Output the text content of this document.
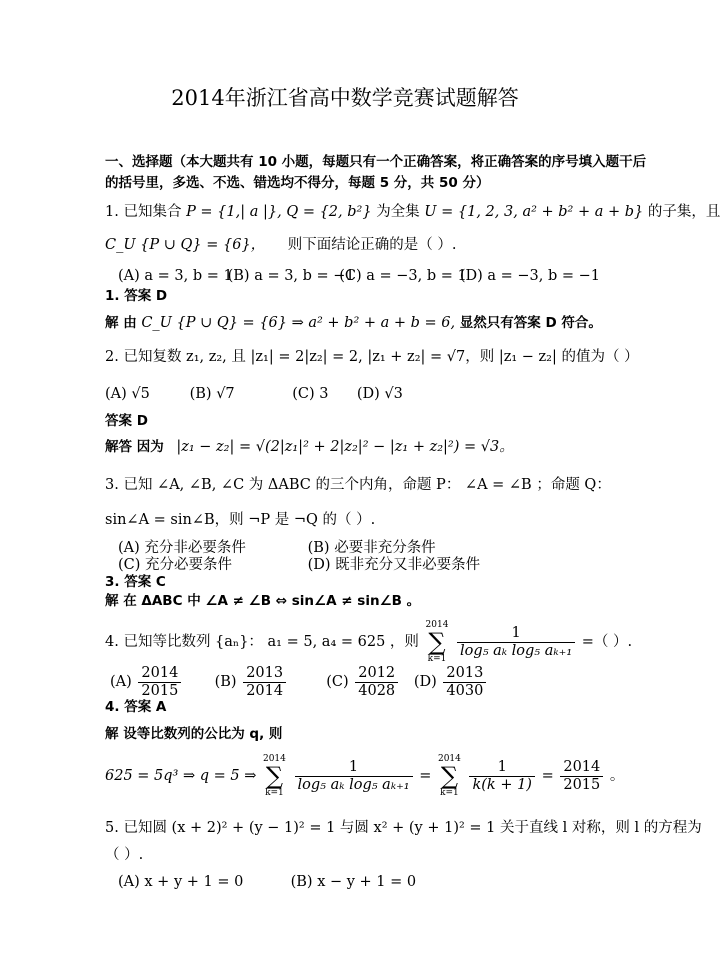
2014年浙江省高中数学竞赛试题解答
一、选择题（本大题共有 10 小题，每题只有一个正确答案，将正确答案的序号填入题干后
的括号里，多选、不选、错选均不得分，每题 5 分，共 50 分）
1. 已知集合 P = {1,| a |}, Q = {2, b²} 为全集 U = {1, 2, 3, a² + b² + a + b} 的子集，且
C_U {P ∪ Q} = {6}， 则下面结论正确的是（ ）.
(A) a = 3, b = 1 (B) a = 3, b = −1 (C) a = −3, b = 1 (D) a = −3, b = −1
1. 答案 D
解 由 C_U {P ∪ Q} = {6} ⇒ a² + b² + a + b = 6, 显然只有答案 D 符合。
2. 已知复数 z₁, z₂, 且 |z₁| = 2|z₂| = 2, |z₁ + z₂| = √7，则 |z₁ − z₂| 的值为（ ）
(A) √5	(B) √7	(C) 3 (D) √3
答案 D
解答 因为 |z₁ − z₂| = √(2|z₁|² + 2|z₂|² − |z₁ + z₂|²) = √3。
3. 已知 ∠A, ∠B, ∠C 为 ΔABC 的三个内角，命题 P： ∠A = ∠B ；命题 Q：
sin∠A = sin∠B，则 ¬P 是 ¬Q 的（ ）.
(A) 充分非必要条件	(B) 必要非充分条件
(C) 充分必要条件	(D) 既非充分又非必要条件
3. 答案 C
解 在 ΔABC 中 ∠A ≠ ∠B ⇔ sin∠A ≠ sin∠B 。
4. 已知等比数列 {aₙ}： a₁ = 5, a₄ = 625 ，则 2014
∑
$k=1 \frac{1}{\text{log₅ aₖ log₅ aₖ₊₁}}$ =（ ）.
$(A) \frac{2014}{2015} (B) \frac{2013}{2014}$	$(C) \frac{2012}{4028} (D) \frac{2013}{4030}$
4. 答案 A
解 设等比数列的公比为 q, 则
625 = 5q³ ⇒ q = 5 ⇒ 2014
∑
$k=1 \frac{1}{\text{log₅ aₖ log₅ aₖ₊₁}} = 2014$
∑
$k=1 \frac{1}{k(k + 1)} = \frac{2014}{2015}$ 。
5. 已知圆 (x + 2)² + (y − 1)² = 1 与圆 x² + (y + 1)² = 1 关于直线 l 对称，则 l 的方程为
（ ）.
(A) x + y + 1 = 0	(B) x − y + 1 = 0
